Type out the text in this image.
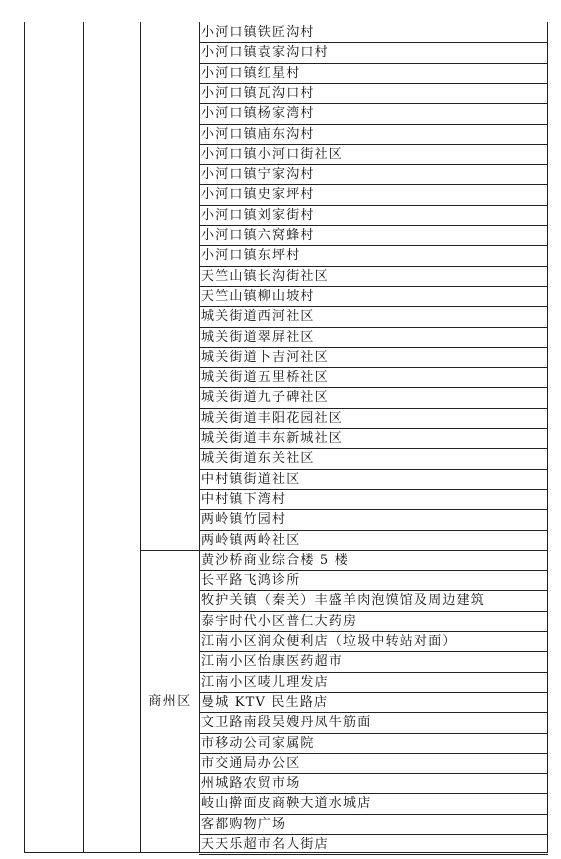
小河口镇铁匠沟村
小河口镇袁家沟口村
小河口镇红星村
小河口镇瓦沟口村
小河口镇杨家湾村
小河口镇庙东沟村
小河口镇小河口街社区
小河口镇宁家沟村
小河口镇史家坪村
小河口镇刘家街村
小河口镇六窝蜂村
小河口镇东坪村
天竺山镇长沟街社区
天竺山镇柳山坡村
城关街道西河社区
城关街道翠屏社区
城关街道卜吉河社区
城关街道五里桥社区
城关街道九子碑社区
城关街道丰阳花园社区
城关街道丰东新城社区
城关街道东关社区
中村镇街道社区
中村镇下湾村
两岭镇竹园村
两岭镇两岭社区
黄沙桥商业综合楼 5 楼
长平路飞鸿诊所
牧护关镇（秦关）丰盛羊肉泡馍馆及周边建筑
泰宇时代小区普仁大药房
江南小区润众便利店（垃圾中转站对面）
江南小区怡康医药超市
江南小区唛儿理发店
曼城 KTV 民生路店
文卫路南段吴嫂丹凤牛筋面
市移动公司家属院
市交通局办公区
州城路农贸市场
岐山擀面皮商鞅大道水城店
客都购物广场
天天乐超市名人街店
商州区
